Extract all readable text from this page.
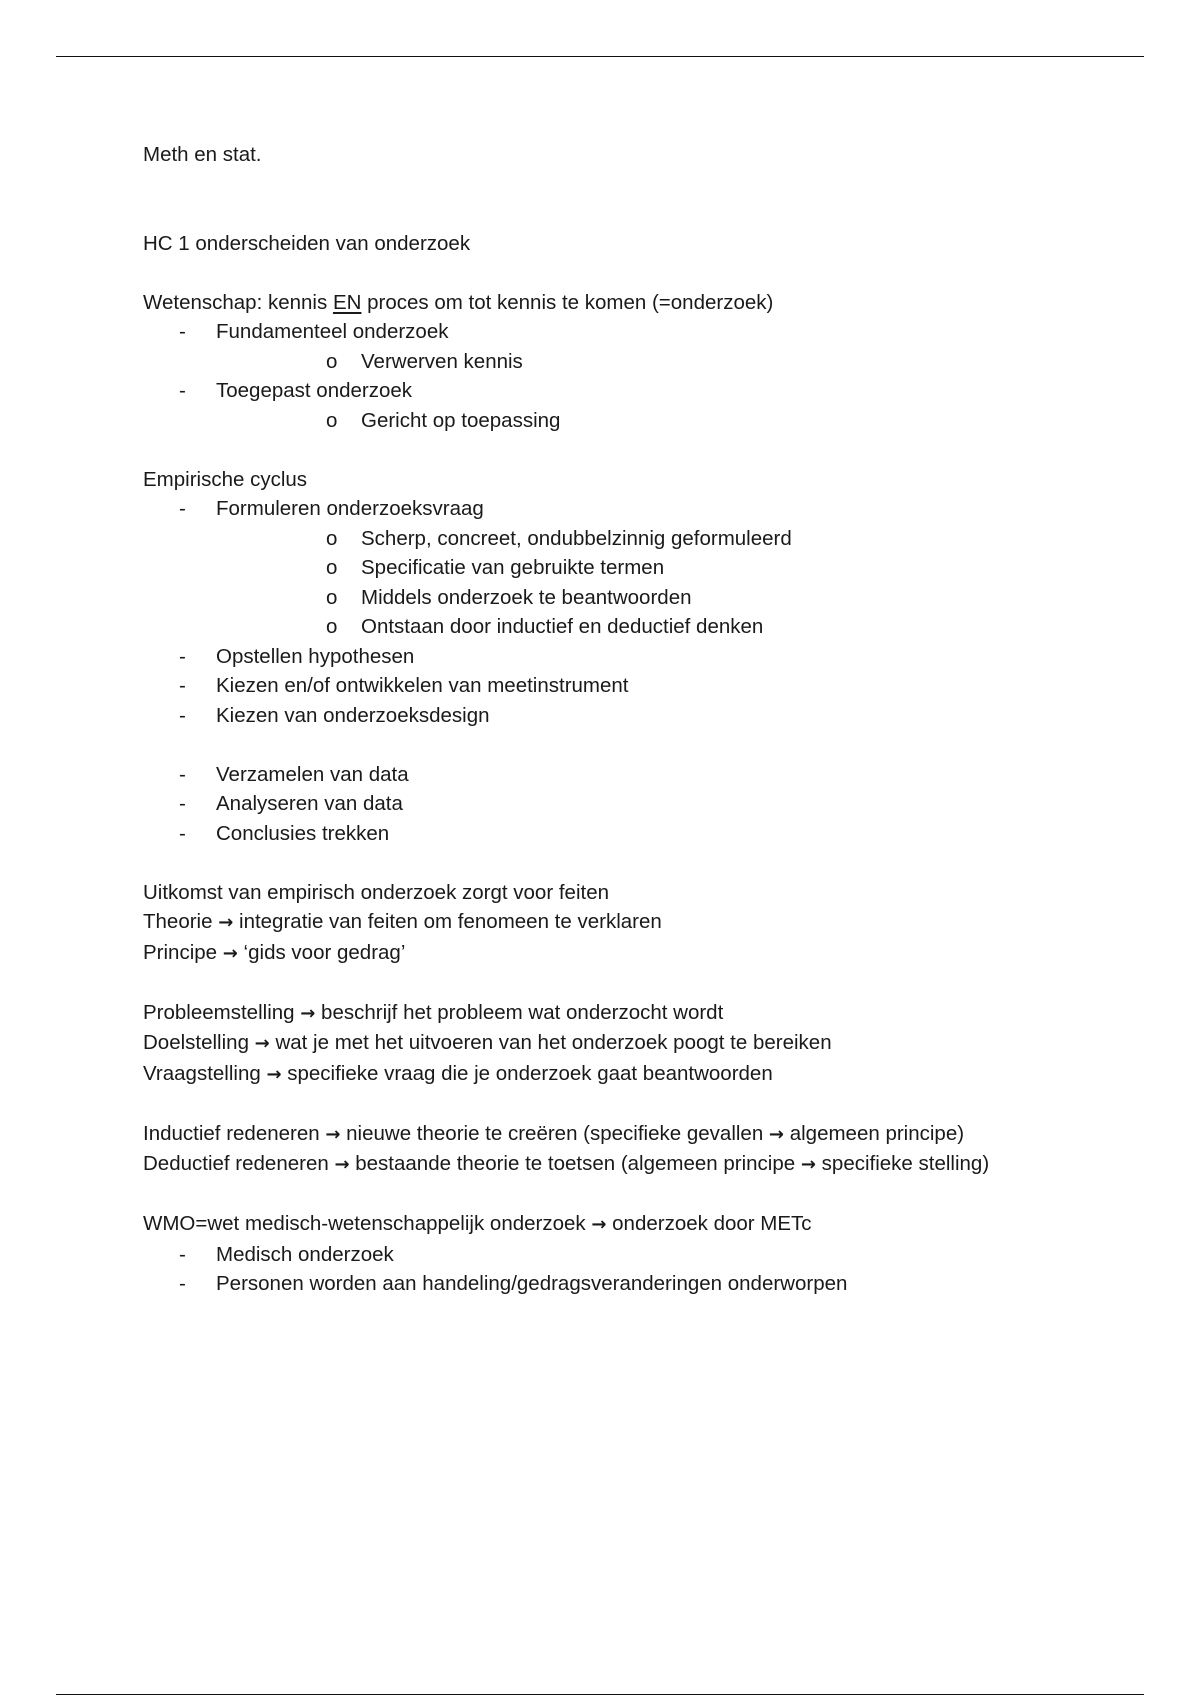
Meth en stat.

HC 1 onderscheiden van onderzoek

Wetenschap: kennis EN proces om tot kennis te komen (=onderzoek)

- Fundamenteel onderzoek
o Verwerven kennis
- Toegepast onderzoek
o Gericht op toepassing

Empirische cyclus

- Formuleren onderzoeksvraag
o Scherp, concreet, ondubbelzinnig geformuleerd
o Specificatie van gebruikte termen
o Middels onderzoek te beantwoorden
o Ontstaan door inductief en deductief denken
- Opstellen hypothesen
- Kiezen en/of ontwikkelen van meetinstrument
- Kiezen van onderzoeksdesign
- Verzamelen van data
- Analyseren van data
- Conclusies trekken

Uitkomst van empirisch onderzoek zorgt voor feiten

Theorie → integratie van feiten om fenomeen te verklaren

Principe → ‘gids voor gedrag’

Probleemstelling → beschrijf het probleem wat onderzocht wordt

Doelstelling → wat je met het uitvoeren van het onderzoek poogt te bereiken

Vraagstelling → specifieke vraag die je onderzoek gaat beantwoorden

Inductief redeneren → nieuwe theorie te creëren (specifieke gevallen → algemeen principe)

Deductief redeneren → bestaande theorie te toetsen (algemeen principe → specifieke stelling)

WMO=wet medisch-wetenschappelijk onderzoek → onderzoek door METc

- Medisch onderzoek
- Personen worden aan handeling/gedragsveranderingen onderworpen
